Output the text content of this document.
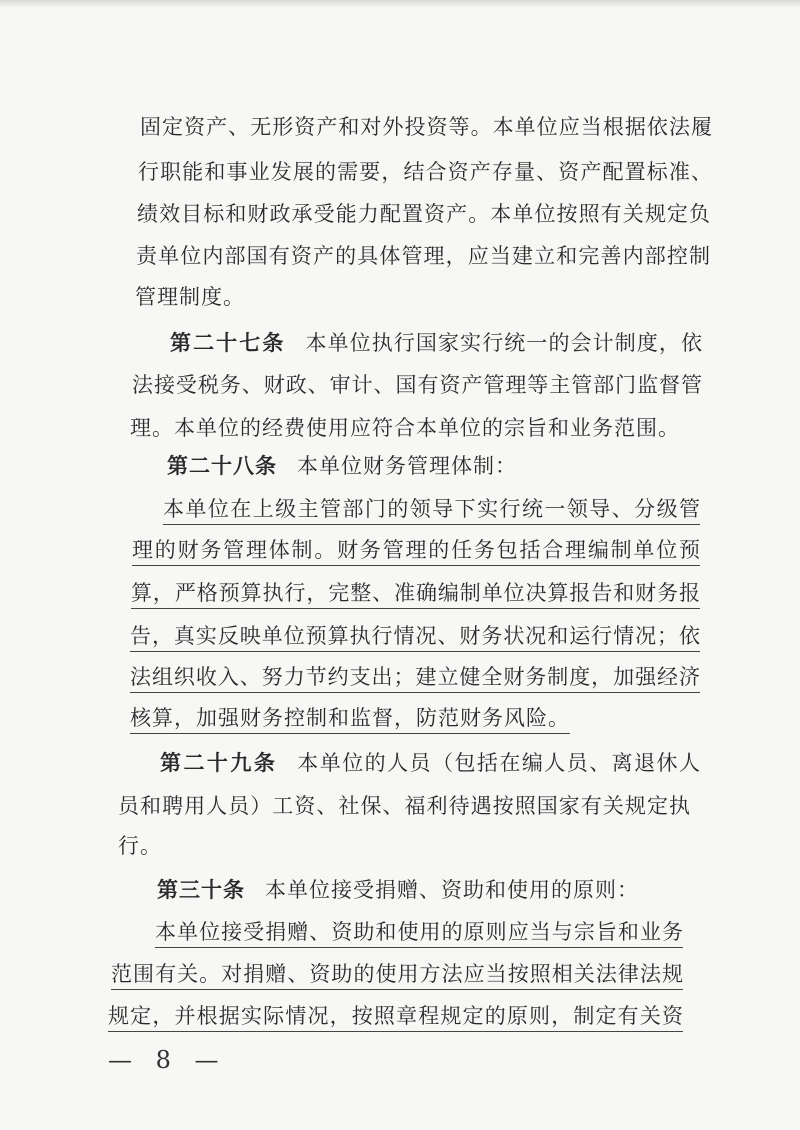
固定资产、无形资产和对外投资等。本单位应当根据依法履
行职能和事业发展的需要，结合资产存量、资产配置标准、
绩效目标和财政承受能力配置资产。本单位按照有关规定负
责单位内部国有资产的具体管理，应当建立和完善内部控制
管理制度。
第二十七条 本单位执行国家实行统一的会计制度，依
法接受税务、财政、审计、国有资产管理等主管部门监督管
理。本单位的经费使用应符合本单位的宗旨和业务范围。
第二十八条 本单位财务管理体制：
本单位在上级主管部门的领导下实行统一领导、分级管
理的财务管理体制。财务管理的任务包括合理编制单位预
算，严格预算执行，完整、准确编制单位决算报告和财务报
告，真实反映单位预算执行情况、财务状况和运行情况；依
法组织收入、努力节约支出；建立健全财务制度，加强经济
核算，加强财务控制和监督，防范财务风险。
第二十九条 本单位的人员（包括在编人员、离退休人
员和聘用人员）工资、社保、福利待遇按照国家有关规定执
行。
第三十条 本单位接受捐赠、资助和使用的原则：
本单位接受捐赠、资助和使用的原则应当与宗旨和业务
范围有关。对捐赠、资助的使用方法应当按照相关法律法规
规定，并根据实际情况，按照章程规定的原则，制定有关资
— 8 —
